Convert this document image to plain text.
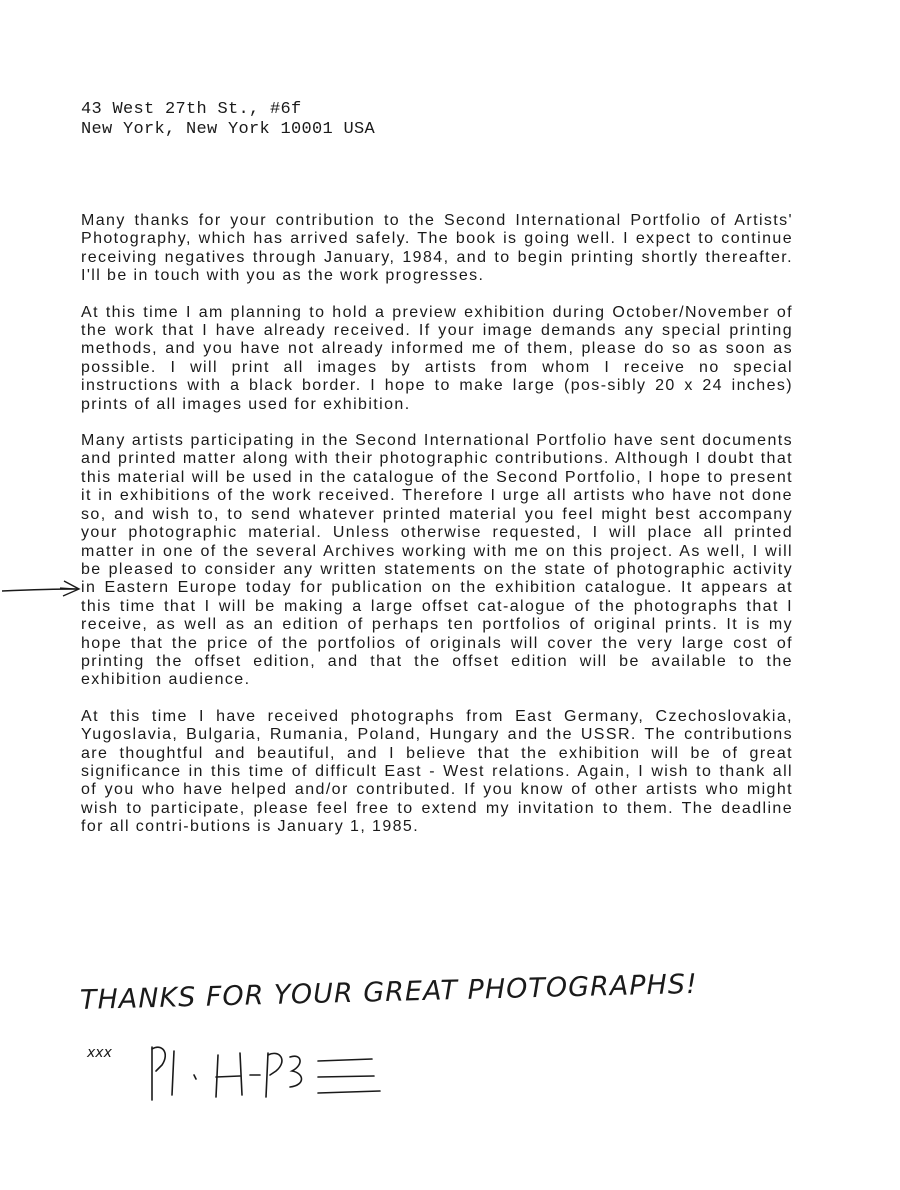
43 West 27th St., #6f
New York, New York 10001 USA

Many thanks for your contribution to the Second International Portfolio of Artists' Photography, which has arrived safely. The book is going well. I expect to continue receiving negatives through January, 1984, and to begin printing shortly thereafter. I'll be in touch with you as the work progresses.

At this time I am planning to hold a preview exhibition during October/November of the work that I have already received. If your image demands any special printing methods, and you have not already informed me of them, please do so as soon as possible. I will print all images by artists from whom I receive no special instructions with a black border. I hope to make large (pos-sibly 20 x 24 inches) prints of all images used for exhibition.

Many artists participating in the Second International Portfolio have sent documents and printed matter along with their photographic contributions. Although I doubt that this material will be used in the catalogue of the Second Portfolio, I hope to present it in exhibitions of the work received. Therefore I urge all artists who have not done so, and wish to, to send whatever printed material you feel might best accompany your photographic material. Unless otherwise requested, I will place all printed matter in one of the several Archives working with me on this project. As well, I will be pleased to consider any written statements on the state of photographic activity in Eastern Europe today for publication on the exhibition catalogue. It appears at this time that I will be making a large offset cat-alogue of the photographs that I receive, as well as an edition of perhaps ten portfolios of original prints. It is my hope that the price of the portfolios of originals will cover the very large cost of printing the offset edition, and that the offset edition will be available to the exhibition audience.

At this time I have received photographs from East Germany, Czechoslovakia, Yugoslavia, Bulgaria, Rumania, Poland, Hungary and the USSR. The contributions are thoughtful and beautiful, and I believe that the exhibition will be of great significance in this time of difficult East - West relations. Again, I wish to thank all of you who have helped and/or contributed. If you know of other artists who might wish to participate, please feel free to extend my invitation to them. The deadline for all contri-butions is January 1, 1985.

THANKS FOR YOUR GREAT PHOTOGRAPHS!
xxx
